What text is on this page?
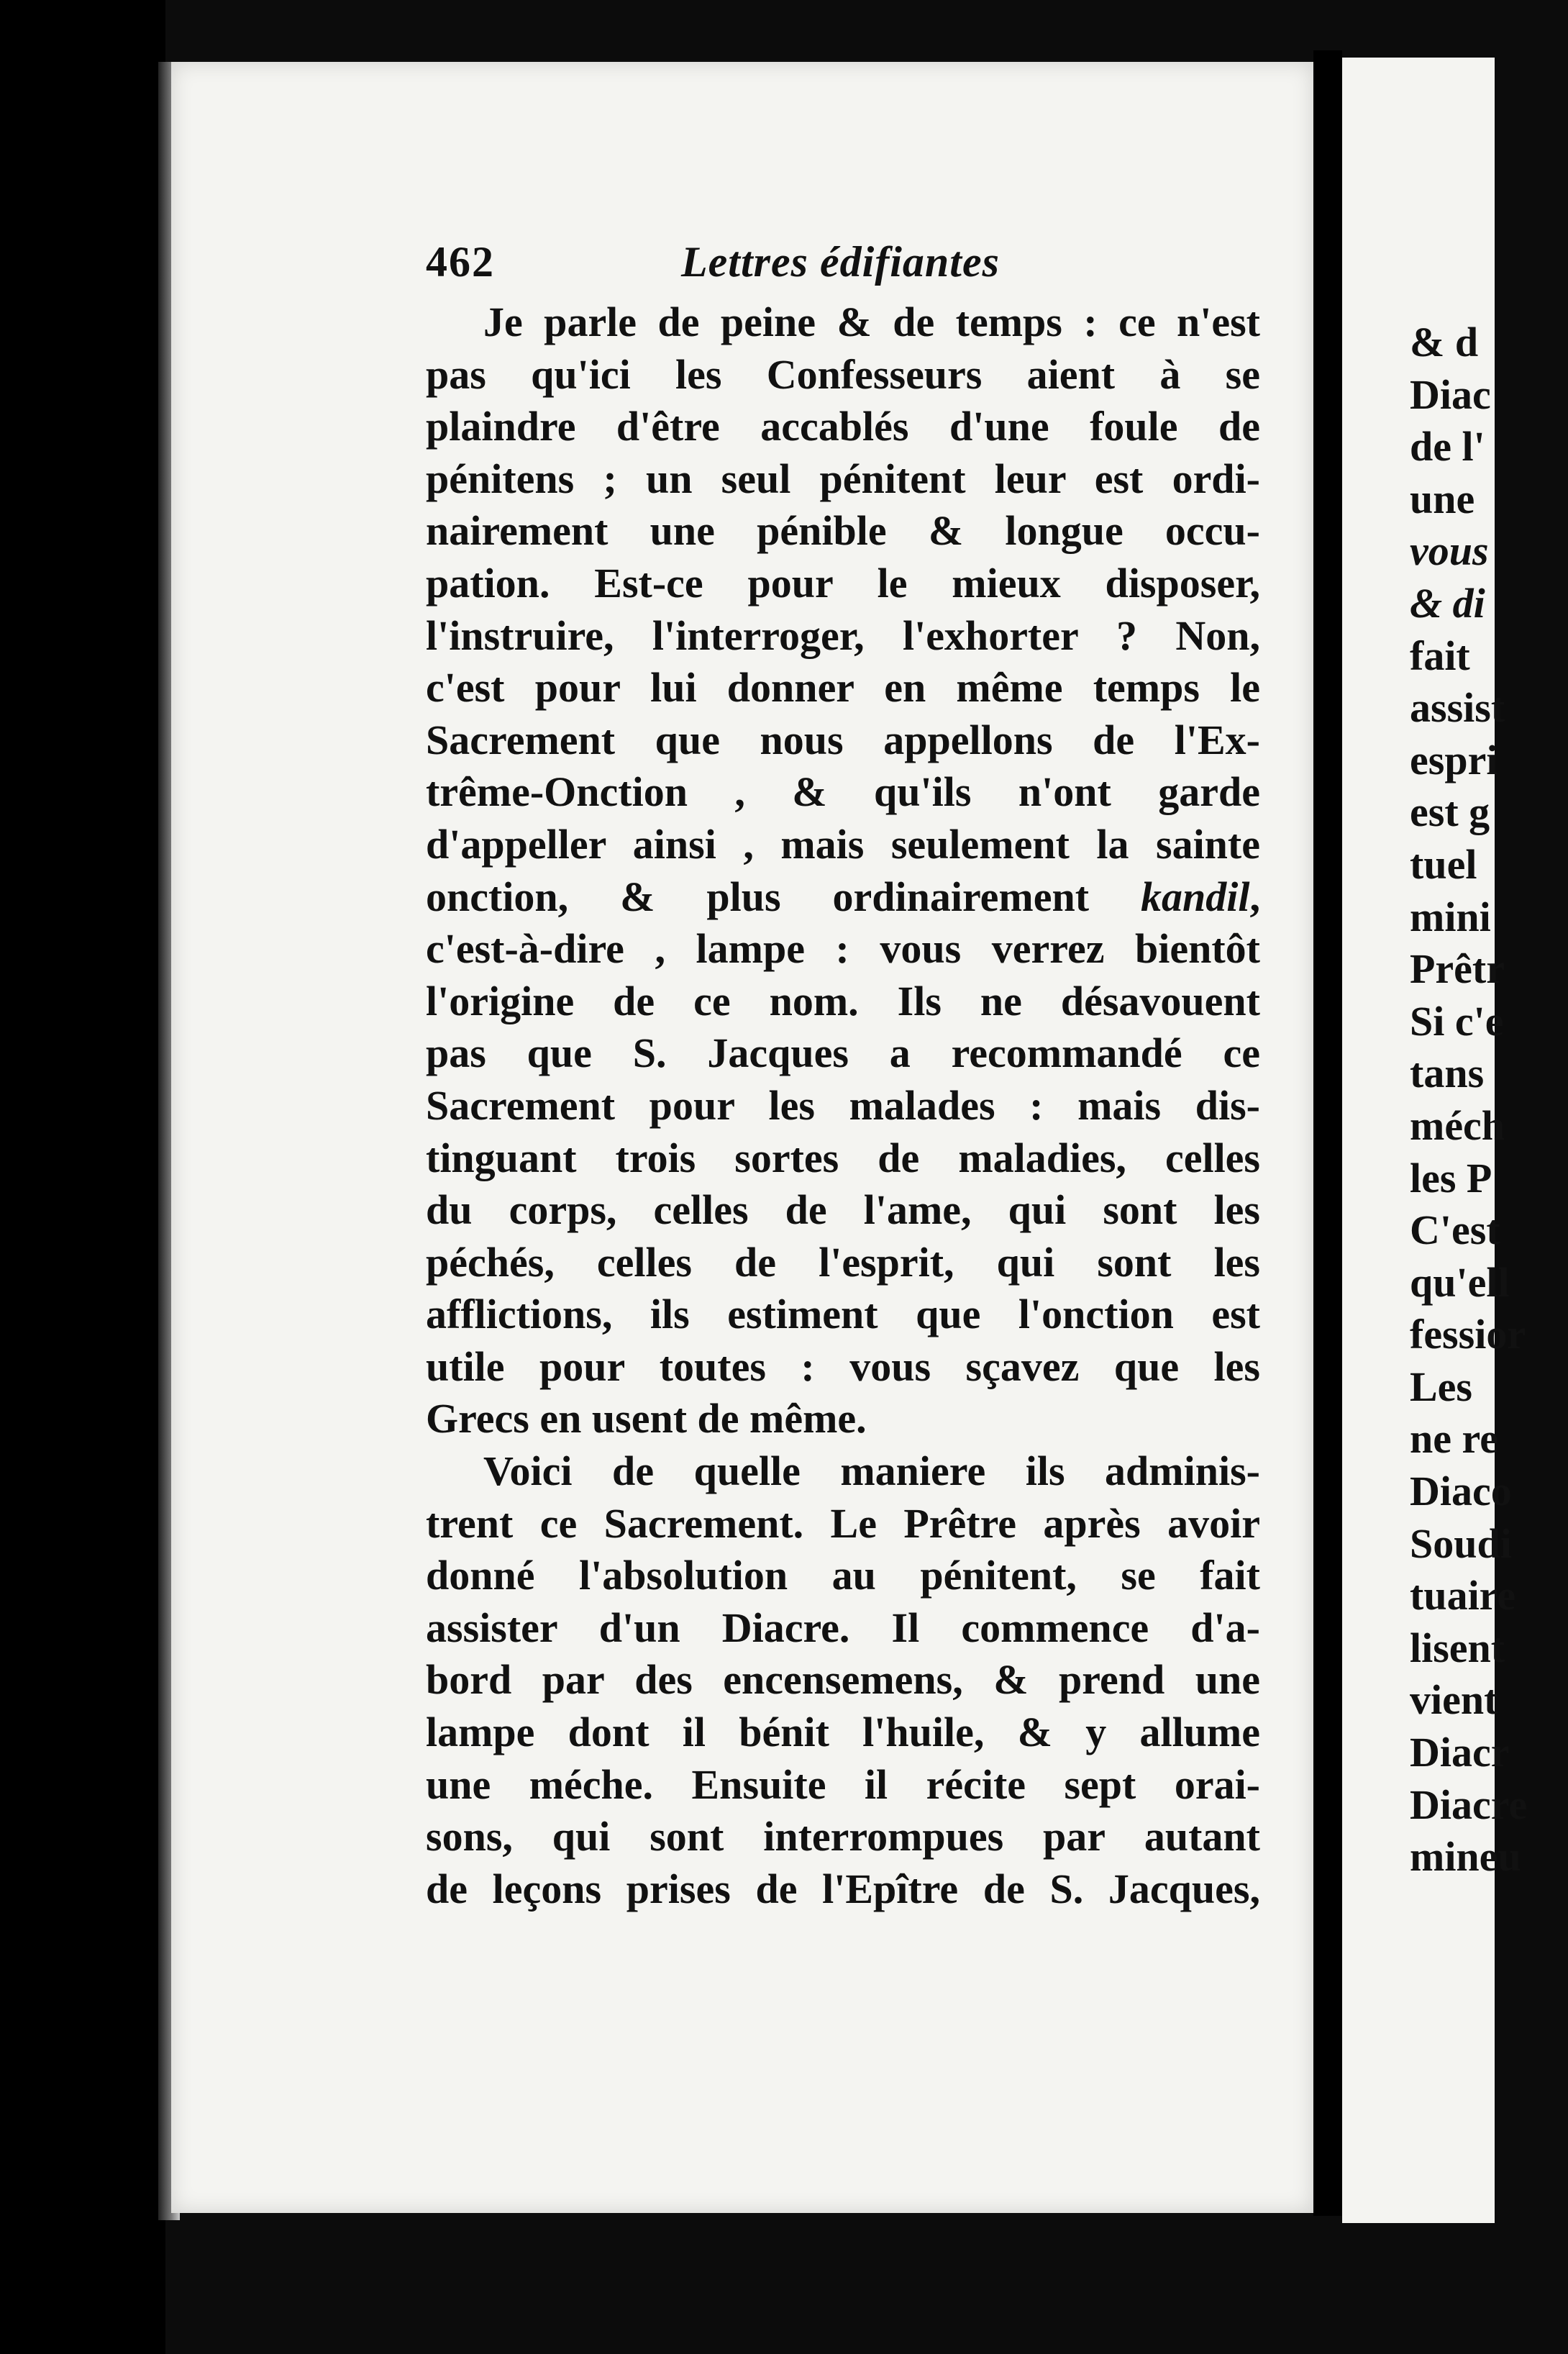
462	Lettres édifiantes
Je parle de peine & de temps : ce n'est
pas qu'ici les Confesseurs aient à se
plaindre d'être accablés d'une foule de
pénitens ; un seul pénitent leur est ordi-
nairement une pénible & longue occu-
pation. Est-ce pour le mieux disposer,
l'instruire, l'interroger, l'exhorter ? Non,
c'est pour lui donner en même temps le
Sacrement que nous appellons de l'Ex-
trême-Onction , & qu'ils n'ont garde
d'appeller ainsi , mais seulement la sainte
onction, & plus ordinairement kandil,
c'est-à-dire , lampe : vous verrez bientôt
l'origine de ce nom. Ils ne désavouent
pas que S. Jacques a recommandé ce
Sacrement pour les malades : mais dis-
tinguant trois sortes de maladies, celles
du corps, celles de l'ame, qui sont les
péchés, celles de l'esprit, qui sont les
afflictions, ils estiment que l'onction est
utile pour toutes : vous sçavez que les
Grecs en usent de même.
Voici de quelle maniere ils adminis-
trent ce Sacrement. Le Prêtre après avoir
donné l'absolution au pénitent, se fait
assister d'un Diacre. Il commence d'a-
bord par des encensemens, & prend une
lampe dont il bénit l'huile, & y allume
une méche. Ensuite il récite sept orai-
sons, qui sont interrompues par autant
de leçons prises de l'Epître de S. Jacques,
& d
Diac
de l'
une
vous
& di
fait
assist
espri
est g
tuel
mini
Prêtr
Si c'e
tans
méch
les P
C'est
qu'ell
fessior
Les
ne re
Diaco
Soudi
tuaire
lisent
vient
Diacr
Diacre
mineu
